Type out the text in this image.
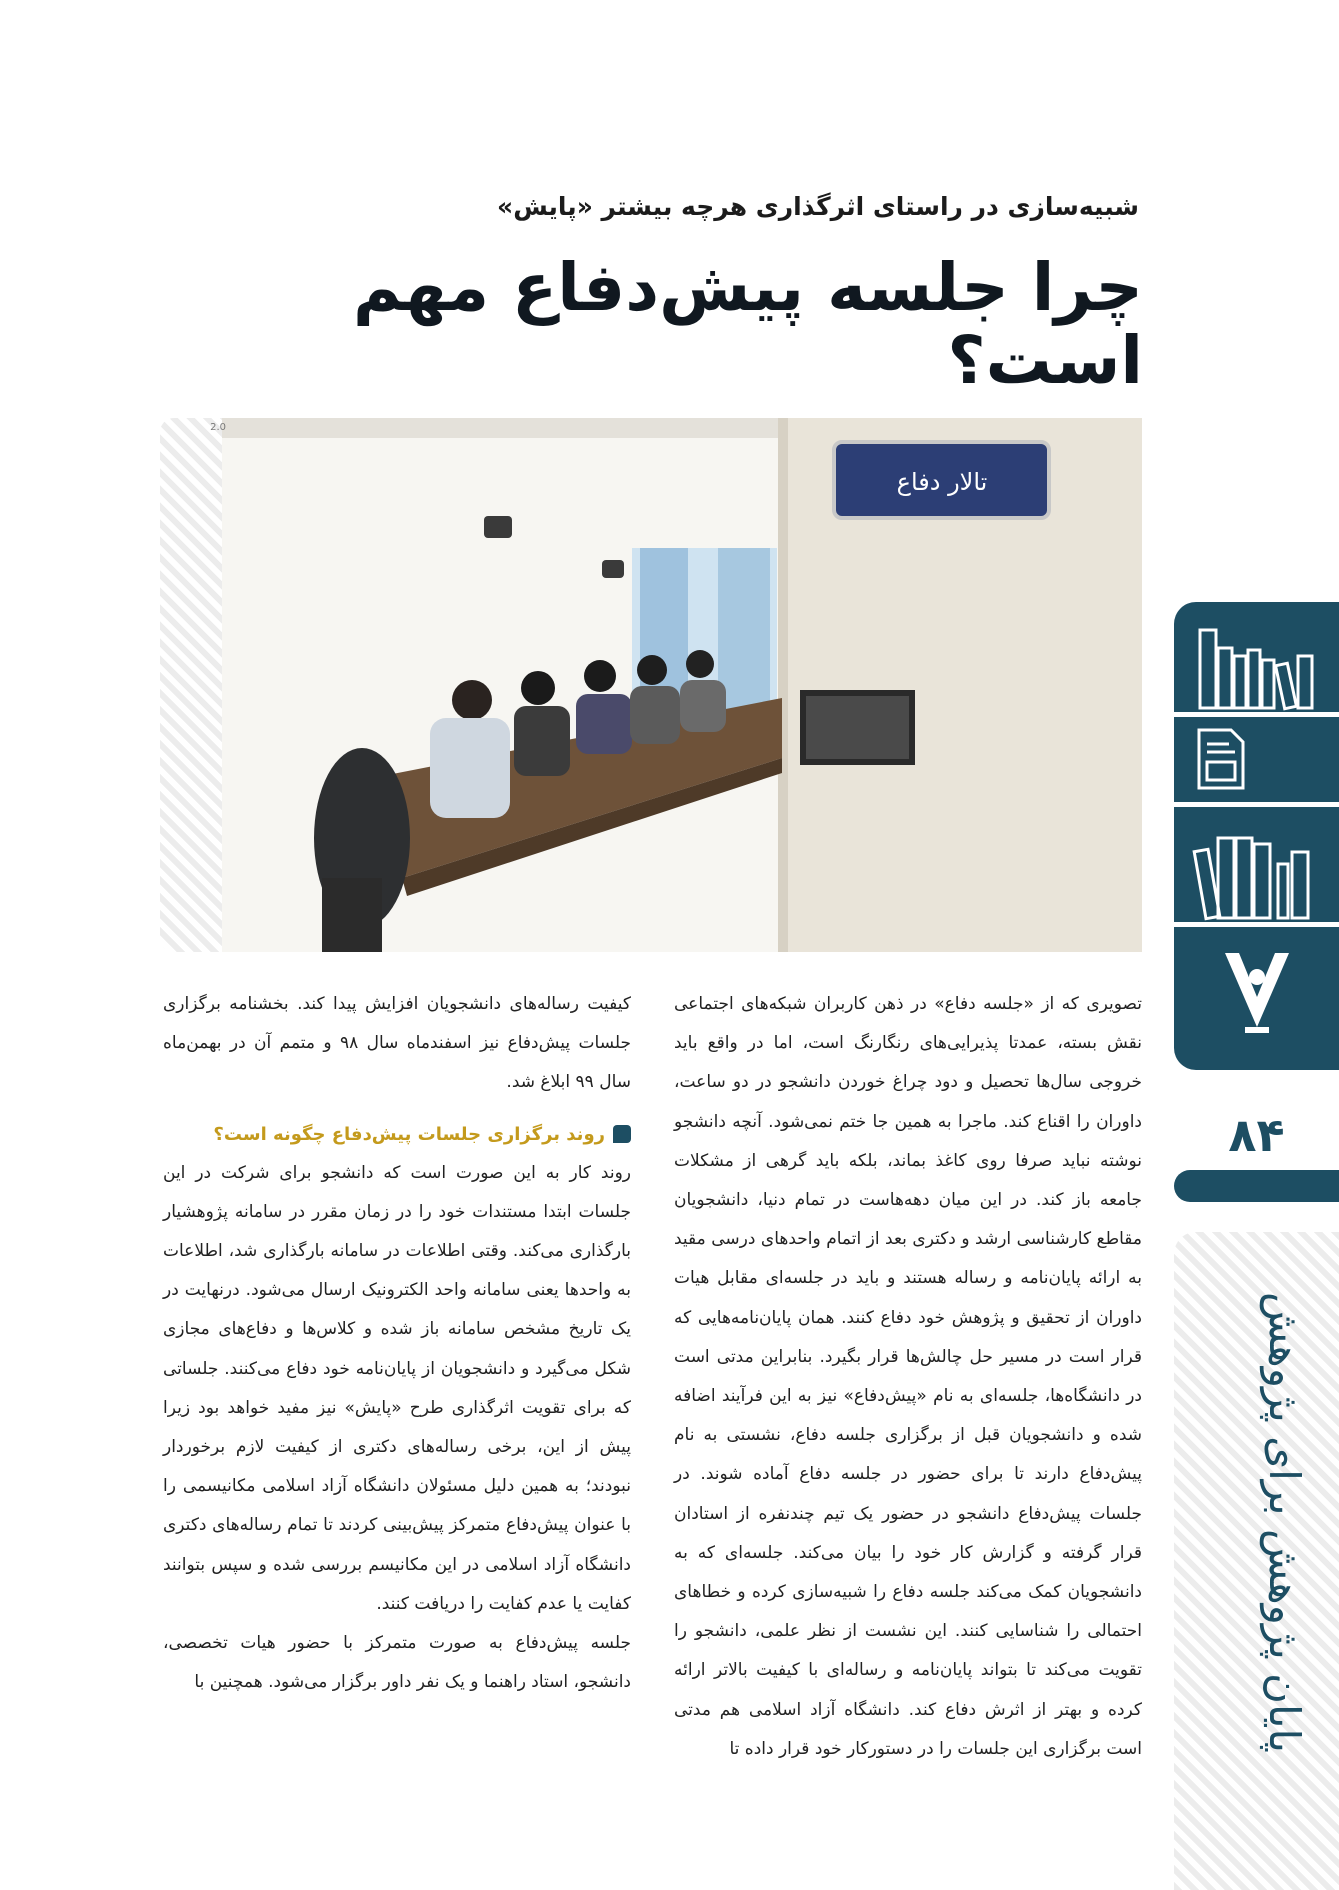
شبیه‌سازی در راستای اثرگذاری هرچه بیشتر «پایش»
چرا جلسه پیش‌دفاع مهم است؟
تالار دفاع
2.0

تصویری که از «جلسه دفاع» در ذهن کاربران شبکه‌های اجتماعی نقش بسته، عمدتا پذیرایی‌های رنگارنگ است، اما در واقع باید خروجی سال‌ها تحصیل و دود چراغ خوردن دانشجو در دو ساعت، داوران را اقناع کند. ماجرا به همین جا ختم نمی‌شود. آنچه دانشجو نوشته نباید صرفا روی کاغذ بماند، بلکه باید گرهی از مشکلات جامعه باز کند. در این میان دهه‌هاست در تمام دنیا، دانشجویان مقاطع کارشناسی ارشد و دکتری بعد از اتمام واحدهای درسی مقید به ارائه پایان‌نامه و رساله هستند و باید در جلسه‌ای مقابل هیات داوران از تحقیق و پژوهش خود دفاع کنند. همان پایان‌نامه‌هایی که قرار است در مسیر حل چالش‌ها قرار بگیرد. بنابراین مدتی است در دانشگاه‌ها، جلسه‌ای به نام «پیش‌دفاع» نیز به این فرآیند اضافه شده و دانشجویان قبل از برگزاری جلسه دفاع، نشستی به نام پیش‌دفاع دارند تا برای حضور در جلسه دفاع آماده شوند. در جلسات پیش‌دفاع دانشجو در حضور یک تیم چندنفره از استادان قرار گرفته و گزارش کار خود را بیان می‌کند. جلسه‌ای که به دانشجویان کمک می‌کند جلسه دفاع را شبیه‌سازی کرده و خطاهای احتمالی را شناسایی کنند. این نشست از نظر علمی، دانشجو را تقویت می‌کند تا بتواند پایان‌نامه و رساله‌ای با کیفیت بالاتر ارائه کرده و بهتر از اثرش دفاع کند. دانشگاه آزاد اسلامی هم مدتی است برگزاری این جلسات را در دستورکار خود قرار داده تا

کیفیت رساله‌های دانشجویان افزایش پیدا کند. بخشنامه برگزاری جلسات پیش‌دفاع نیز اسفندماه سال ۹۸ و متمم آن در بهمن‌ماه سال ۹۹ ابلاغ شد.

روند برگزاری جلسات پیش‌دفاع چگونه است؟

روند کار به این صورت است که دانشجو برای شرکت در این جلسات ابتدا مستندات خود را در زمان مقرر در سامانه پژوهشیار بارگذاری می‌کند. وقتی اطلاعات در سامانه بارگذاری شد، اطلاعات به واحدها یعنی سامانه واحد الکترونیک ارسال می‌شود. درنهایت در یک تاریخ مشخص سامانه باز شده و کلاس‌ها و دفاع‌های مجازی شکل می‌گیرد و دانشجویان از پایان‌نامه خود دفاع می‌کنند. جلساتی که برای تقویت اثرگذاری طرح «پایش» نیز مفید خواهد بود زیرا پیش از این، برخی رساله‌های دکتری از کیفیت لازم برخوردار نبودند؛ به همین دلیل مسئولان دانشگاه آزاد اسلامی مکانیسمی را با عنوان پیش‌دفاع متمرکز پیش‌بینی کردند تا تمام رساله‌های دکتری دانشگاه آزاد اسلامی در این مکانیسم بررسی شده و سپس بتوانند کفایت یا عدم کفایت را دریافت کنند.

جلسه پیش‌دفاع به صورت متمرکز با حضور هیات تخصصی، دانشجو، استاد راهنما و یک نفر داور برگزار می‌شود. همچنین با

۸۴
پایان پژوهش برای پژوهش
